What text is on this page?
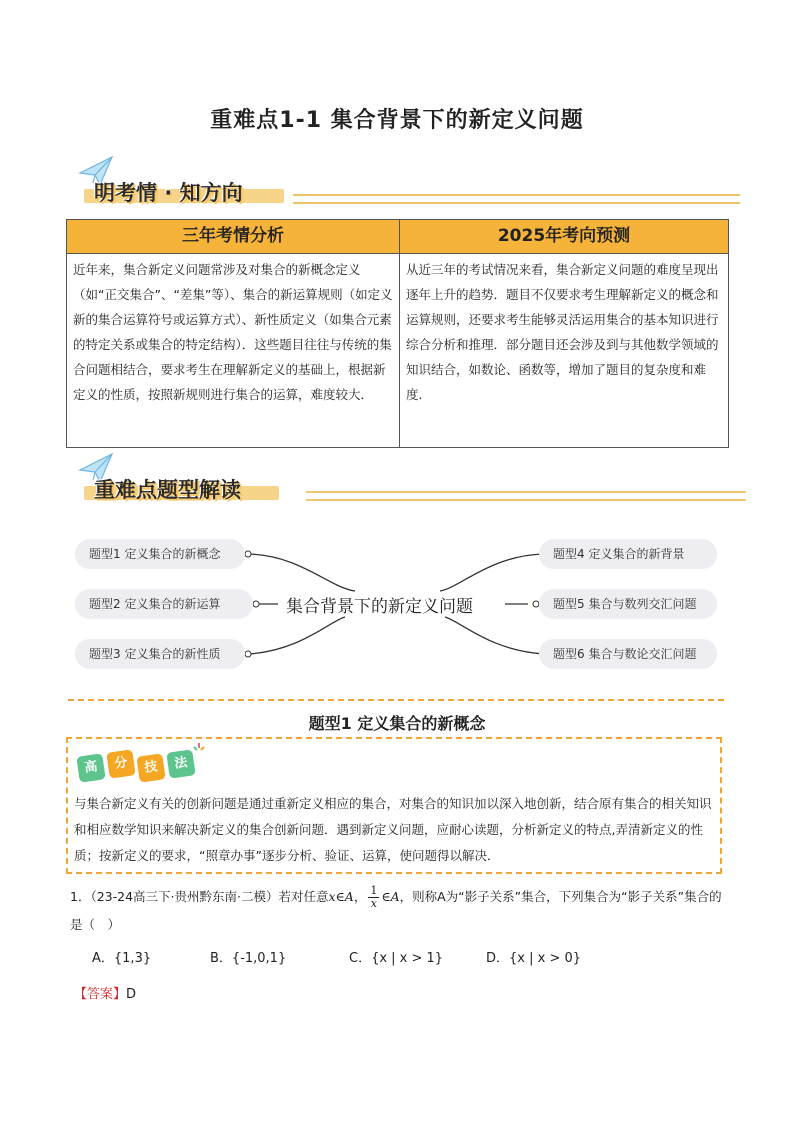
重难点1-1 集合背景下的新定义问题
明考情 · 知方向
三年考情分析	2025年考向预测
近年来，集合新定义问题常涉及对集合的新概念定义（如“正交集合”、“差集”等）、集合的新运算规则（如定义新的集合运算符号或运算方式）、新性质定义（如集合元素的特定关系或集合的特定结构）．这些题目往往与传统的集合问题相结合，要求考生在理解新定义的基础上，根据新定义的性质，按照新规则进行集合的运算，难度较大．	从近三年的考试情况来看，集合新定义问题的难度呈现出逐年上升的趋势．题目不仅要求考生理解新定义的概念和运算规则，还要求考生能够灵活运用集合的基本知识进行综合分析和推理．部分题目还会涉及到与其他数学领域的知识结合，如数论、函数等，增加了题目的复杂度和难度．
重难点题型解读
题型1 定义集合的新概念
题型2 定义集合的新运算
题型3 定义集合的新性质
集合背景下的新定义问题
题型4 定义集合的新背景
题型5 集合与数列交汇问题
题型6 集合与数论交汇问题
题型1 定义集合的新概念
高	分	技	法
与集合新定义有关的创新问题是通过重新定义相应的集合，对集合的知识加以深入地创新，结合原有集合的相关知识和相应数学知识来解决新定义的集合创新问题．遇到新定义问题，应耐心读题，分析新定义的特点,弄清新定义的性质；按新定义的要求，“照章办事”逐步分析、验证、运算，使问题得以解决．
1．（23-24高三下·贵州黔东南·二模）若对任意x∈A， $\frac{1}{x}$ ∈A，则称A为“影子关系”集合，下列集合为“影子关系”集合的是（　）
A．{1,3}	B．{-1,0,1}	C．{x | x > 1}	D．{x | x > 0}
【答案】D
